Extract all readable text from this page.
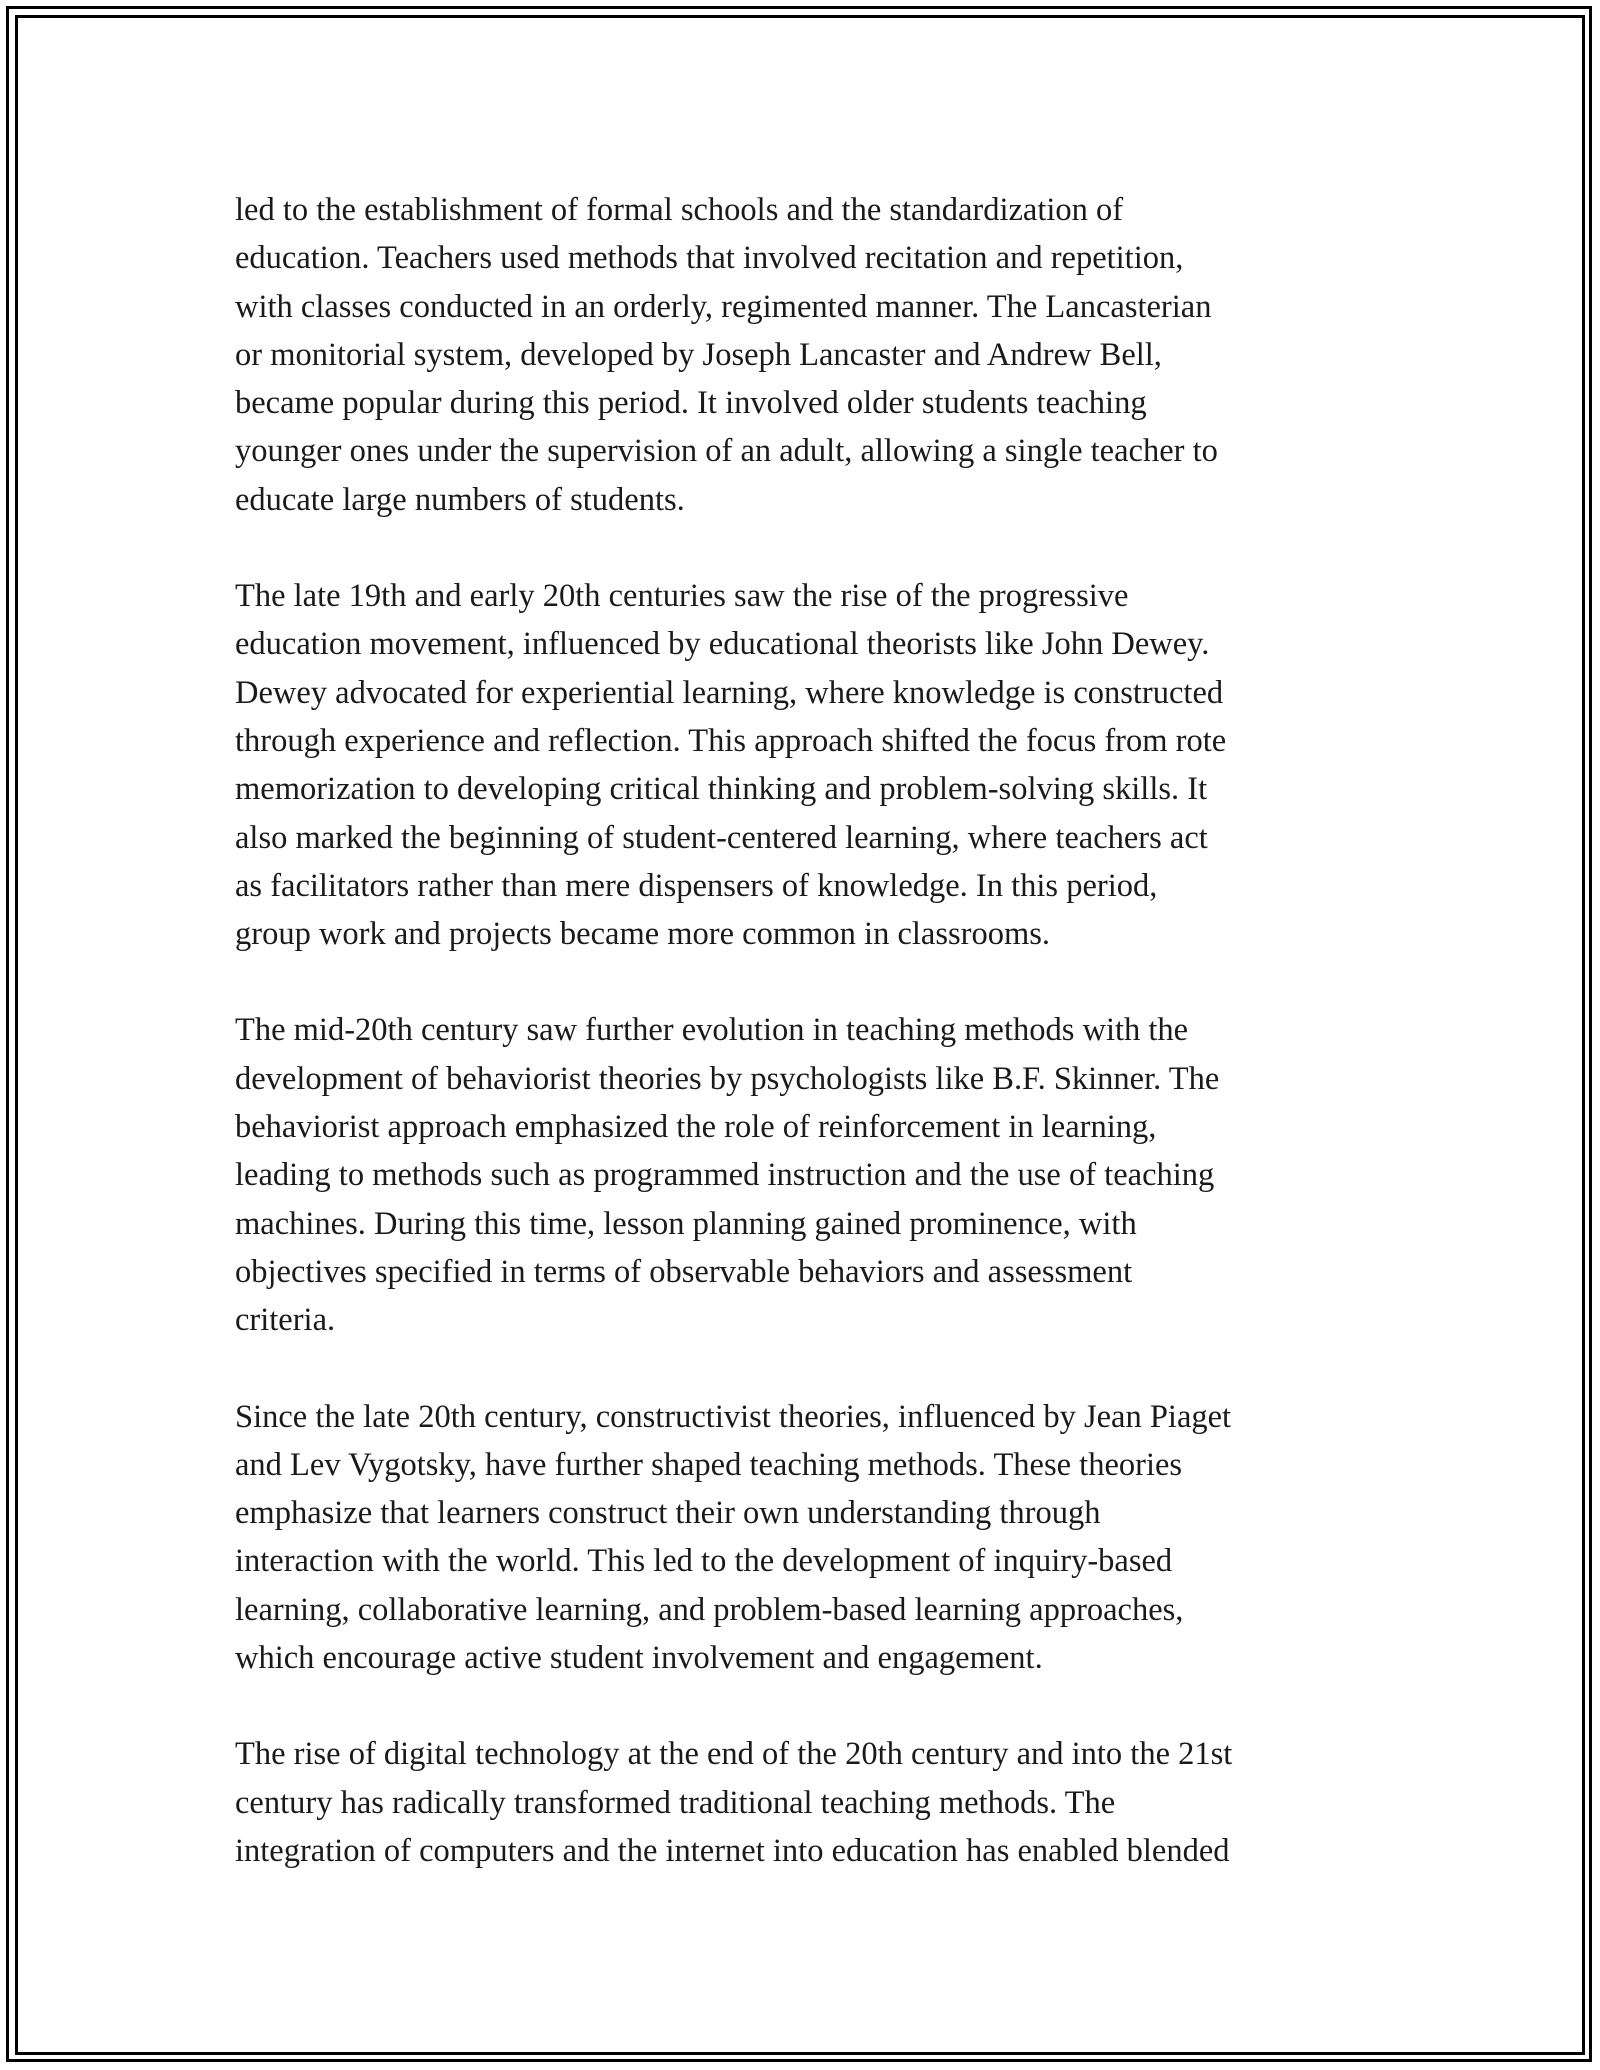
led to the establishment of formal schools and the standardization of
education. Teachers used methods that involved recitation and repetition,
with classes conducted in an orderly, regimented manner. The Lancasterian
or monitorial system, developed by Joseph Lancaster and Andrew Bell,
became popular during this period. It involved older students teaching
younger ones under the supervision of an adult, allowing a single teacher to
educate large numbers of students.

The late 19th and early 20th centuries saw the rise of the progressive
education movement, influenced by educational theorists like John Dewey.
Dewey advocated for experiential learning, where knowledge is constructed
through experience and reflection. This approach shifted the focus from rote
memorization to developing critical thinking and problem-solving skills. It
also marked the beginning of student-centered learning, where teachers act
as facilitators rather than mere dispensers of knowledge. In this period,
group work and projects became more common in classrooms.

The mid-20th century saw further evolution in teaching methods with the
development of behaviorist theories by psychologists like B.F. Skinner. The
behaviorist approach emphasized the role of reinforcement in learning,
leading to methods such as programmed instruction and the use of teaching
machines. During this time, lesson planning gained prominence, with
objectives specified in terms of observable behaviors and assessment
criteria.

Since the late 20th century, constructivist theories, influenced by Jean Piaget
and Lev Vygotsky, have further shaped teaching methods. These theories
emphasize that learners construct their own understanding through
interaction with the world. This led to the development of inquiry-based
learning, collaborative learning, and problem-based learning approaches,
which encourage active student involvement and engagement.

The rise of digital technology at the end of the 20th century and into the 21st
century has radically transformed traditional teaching methods. The
integration of computers and the internet into education has enabled blended
